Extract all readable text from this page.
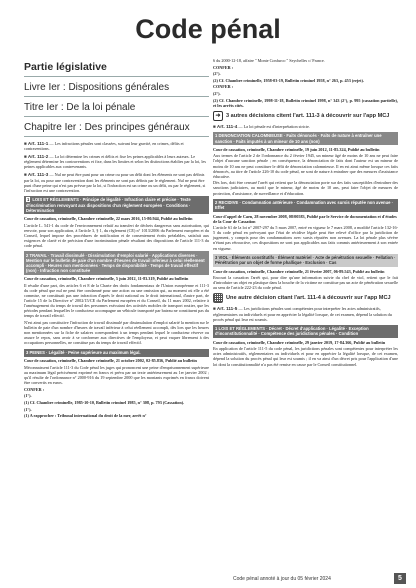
Code pénal
Partie législative
Livre Ier : Dispositions générales
Titre Ier : De la loi pénale
Chapitre Ier : Des principes généraux
■ Art. 111-1 — Les infractions pénales sont classées, suivant leur gravité, en crimes, délits et contraventions.
■ Art. 111-2 — La loi détermine les crimes et délits et fixe les peines applicables à leurs auteurs. Le règlement détermine les contraventions et fixe, dans les limites et selon les distinctions établies par la loi, les peines applicables aux contrevenants.
■ Art. 111-3 — Nul ne peut être puni pour un crime ou pour un délit dont les éléments ne sont pas définis par la loi, ou pour une contravention dont les éléments ne sont pas définis par le règlement. Nul ne peut être puni d'une peine qui n'est pas prévue par la loi, si l'infraction est un crime ou un délit, ou par le règlement, si l'infraction est une contravention.
1 LOIS ET RÈGLEMENTS · Principe de légalité · Infraction claire et précise · Texte d'incrimination renvoyant aux dispositions d'un règlement européen · Conditions · Détermination
Cour de cassation, criminelle, Chambre criminelle, 22 mars 2016, 15-80.944, Publié au bulletin

L'article L. 541-1 du code de l'environnement relatif au transfert de déchets dangereux sans autorisation, qui renvoie, pour son application, à l'article 3, § 1, du règlement (CE) n° 1013/2006 du Parlement européen et du Conseil, lequel impose des procédures de notification et de consentement écrits préalables, satisfait aux exigences de clarté et de précision d'une incrimination pénale résultant des dispositions de l'article 111-3 du code pénal.

2 TRAVAIL · Travail dissimulé · Dissimulation d'emploi salarié · Applications diverses · Mention sur le bulletin de paie d'un nombre d'heures de travail inférieur à celui réellement accompli · Heures non mentionnées · Temps de disponibilité · Temps de travail effectif (non) · Infraction non constituée
Cour de cassation, criminelle, Chambre criminelle, 5 juin 2012, 11-83.319, Publié au bulletin

Il résulte d'une part, des articles 6 et 8 de la Charte des droits fondamentaux de l'Union européenne et 111-3 du code pénal que nul ne peut être condamné pour une action ou une omission qui, au moment où elle a été commise, ne constituait pas une infraction d'après le droit national ou le droit international, d'autre part, de l'article 15 de la Directive n° 2002/15/CE du Parlement européen et du Conseil, du 11 mars 2002, relative à l'aménagement du temps de travail des personnes exécutant des activités mobiles de transport routier, que les périodes pendant lesquelles le conducteur accompagne un véhicule transporté par bateau ne constituent pas du temps de travail effectif.

N'est ainsi pas constitutive l'infraction de travail dissimulé par dissimulation d'emploi salarié la mention sur le bulletin de paie d'un nombre d'heures de travail inférieur à celui réellement accompli, dès lors que les heures non mentionnées sur la fiche de salaires correspondent à un temps pendant lequel le conducteur réserve ou assure le repos, sans avoir à se conformer aux directives de l'employeur, et peut vaquer librement à des occupations personnelles, ne constitue pas du temps de travail effectif.

3 PEINES · Légalité · Peine supérieure au maximum légal.
Cour de cassation, criminelle, Chambre criminelle, 21 octobre 2002, 02-85.836, Publié au bulletin

Méconnaissent l'article 111-3 du Code pénal les juges qui prononcent une peine d'emprisonnement supérieure au maximum légal précisément exprimé en francs et prévu par un texte antérieurement au 1er janvier 2002 ; qu'il résulte de l'ordonnance n° 2000-916 du 19 septembre 2000 que les montants exprimés en francs doivent être convertis en euros.

CONFER :

(1°).

(1) Cf. Chambre criminelle, 1985-10-10, Bulletin criminel 1985, n° 308, p. 793 (Cassation).

(1°).

(1) A rapprocher : Tribunal international du droit de la mer, arrêt n°

6 du 2000-12-18, affaire " Monte Confurco " Seychelles c/ France.

CONFER :

(2°).

(2) Cf. Chambre criminelle, 1958-03-19, Bulletin criminel 1958, n° 263, p. 453 (rejet).

CONFER :

(2°).

(2) Cf. Chambre criminelle, 1998-11-18, Bulletin criminel 1998, n° 343 (2°), p. 995 (cassation partielle), et les arrêts cités.

➜ 3 autres décisions citent l'art. 111-3 à découvrir sur l'app MCJ
■ Art. 111-4 — La loi pénale est d'interprétation stricte.
1 DENONCIATION CALOMNIEUSE · Faits dénoncés · Faits de nature à entraîner une sanction · Faits imputés à un mineur de 10 ans (non)
Cour de cassation, criminelle, Chambre criminelle, 19 juin 2012, 11-85.324, Publié au bulletin

Aux termes de l'article 2 de l'ordonnance du 2 février 1945, un mineur âgé de moins de 10 ans ne peut faire l'objet d'aucune sanction pénale ; en conséquence, la dénonciation de faits dont l'auteur est un mineur de moins de 10 ans ne peut constituer le délit de dénonciation calomnieuse. Il en est ainsi même lorsque ces faits dénoncés, au titre de l'article 226-10 du code pénal, ne sont de nature à entraîner que des mesures d'assistance éducative.

Dès lors, doit être censuré l'arrêt qui retient que la dénonciation porte sur des faits susceptibles d'entraîner des sanctions judiciaires, au motif que le mineur, âgé de moins de 10 ans, peut faire l'objet de mesures de protection, d'assistance, de surveillance et d'éducation.

2 RECIDIVE · Condamnation antérieure · Condamnation avec sursis réputée non avenue · Effet
Cour d'appel de Caen, 28 novembre 2008, 08/00583, Publié par le Service de documentation et d'études de la Cour de Cassation

L'article 61 de la loi n° 2007-297 du 5 mars 2007, entré en vigueur le 7 mars 2008, a modifié l'article 132-16-5 du code pénal en prévoyant que l'état de récidive légale peut être relevé d'office par la juridiction de jugement, y compris pour des condamnations avec sursis réputées non avenues. La loi pénale plus sévère n'étant pas rétroactive, ces dispositions ne sont pas applicables aux faits commis antérieurement à son entrée en vigueur.

3 VIOL · Éléments constitutifs · Élément matériel · Acte de pénétration sexuelle · Fellation · Pénétration par un objet de forme phallique · Exclusion · Cas
Cour de cassation, criminelle, Chambre criminelle, 21 février 2007, 06-89.543, Publié au bulletin

Encourt la cassation l'arrêt qui, pour dire qu'une information suivie du chef de viol, retient que le fait d'introduire un objet en plastique dans la bouche de la victime ne constitue pas un acte de pénétration sexuelle au sens de l'article 222-23 du code pénal.

Une autre décision citant l'art. 111-4 à découvrir sur l'app MCJ
■ Art. 111-5 — Les juridictions pénales sont compétentes pour interpréter les actes administratifs, réglementaires ou individuels et pour en apprécier la légalité lorsque, de cet examen, dépend la solution du procès pénal qui leur est soumis.
1 LOIS ET RÈGLEMENTS · Décret · Décret d'application · Légalité · Exception d'inconstitutionnalité · Compétence des juridictions pénales · Condition
Cour de cassation, criminelle, Chambre criminelle, 29 janvier 2019, 17-84.366, Publié au bulletin

En application de l'article 111-5 du code pénal, les juridictions pénales sont compétentes pour interpréter les actes administratifs, réglementaires ou individuels et pour en apprécier la légalité lorsque, de cet examen, dépend la solution du procès pénal qui leur est soumis ; il en va ainsi d'un décret pris pour l'application d'une loi dont la constitutionnalité n'a pas été remise en cause par le Conseil constitutionnel.

Code pénal annoté à jour du 05 février 2024	5
